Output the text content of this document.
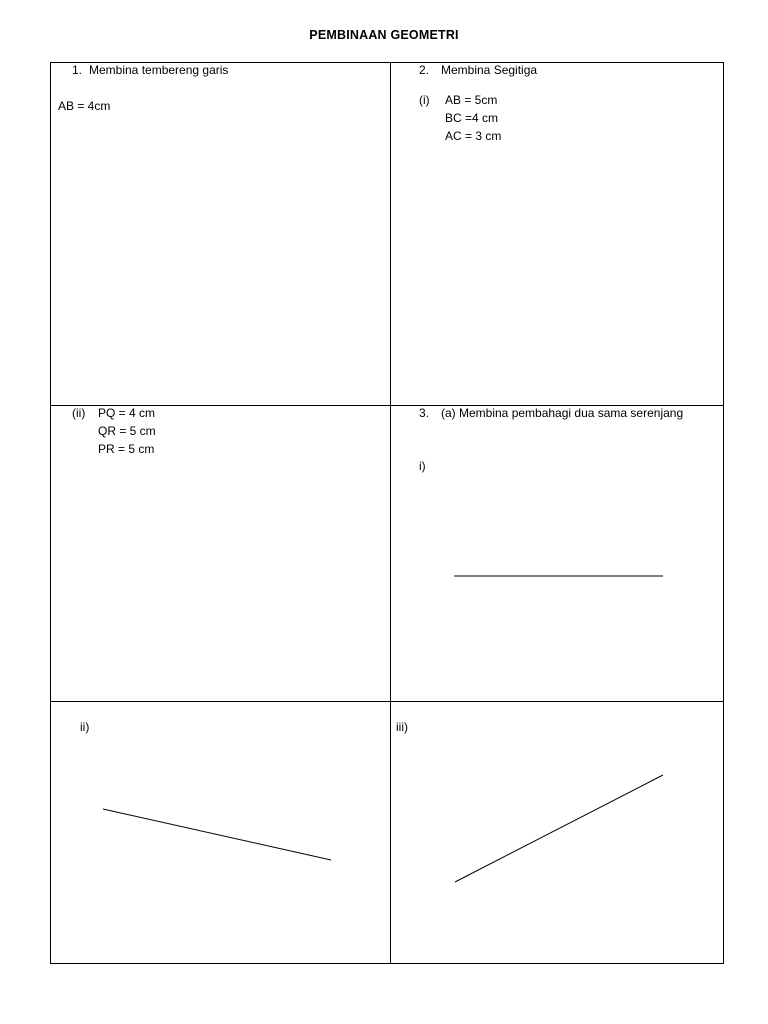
PEMBINAAN GEOMETRI
1. Membina tembereng garis
AB = 4cm
2. Membina Segitiga
(i) AB = 5cm
BC =4 cm
AC = 3 cm
(ii) PQ = 4 cm
QR = 5 cm
PR = 5 cm
3. (a) Membina pembahagi dua sama serenjang
i)
ii)	iii)
